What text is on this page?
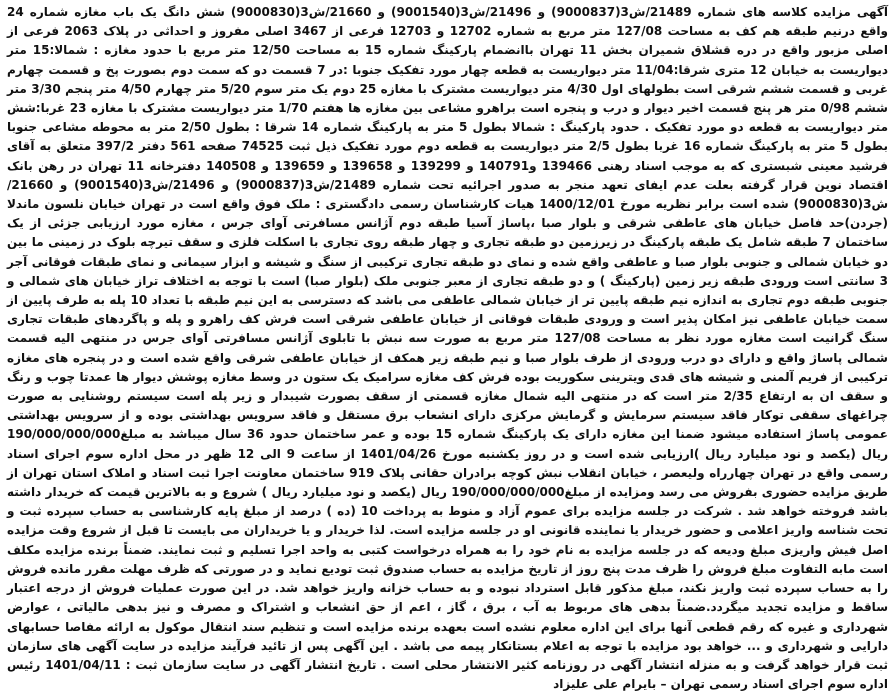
آگهی مزایده کلاسه های شماره 21489/ش3(9000837) و 21496/ش3(9001540) و 21660/ش3(9000830) شش دانگ یک باب مغازه شماره 24 واقع درنیم طبقه هم کف به مساحت 127/08 متر مربع به شماره 12702 و 12703 فرعی از 3467 اصلی مفروز و احداثی در پلاک 2063 فرعی از اصلی مزبور واقع در دره قشلاق شمیران بخش 11 تهران باانضمام پارکینگ شماره 15 به مساحت 12/50 متر مربع با حدود مغازه : شمالا:15 متر دیواریست به خیابان 12 متری شرقا:11/04 متر دیواریست به قطعه چهار مورد تفکیک جنوبا :در 7 قسمت دو که سمت دوم بصورت پخ و قسمت چهارم غربی و قسمت ششم شرقی است بطولهای اول 4/30 متر دیواریست مشترک با مغازه 25 دوم یک متر سوم 5/20 متر چهارم 4/50 متر پنجم 3/30 متر ششم 0/98 متر هر پنج قسمت اخیر دیوار و درب و پنجره است براهرو مشاعی بین مغازه ها هفتم 1/70 متر دیواریست مشترک با مغازه 23 غربا:شش متر دیواریست به قطعه دو مورد تفکیک . حدود پارکینگ : شمالا بطول 5 متر به پارکینگ شماره 14 شرقا : بطول 2/50 متر به محوطه مشاعی جنوبا بطول 5 متر به پارکینگ شماره 16 غربا بطول 2/5 متر دیواریست به قطعه دوم مورد تفکیک ذیل ثبت 74525 صفحه 561 دفتر 397/2 متعلق به آقای فرشید معینی شبستری که به موجب اسناد رهنی 139466 و140791 و 139299 و 139658 و 139659 و 140508 دفترخانه 11 تهران در رهن بانک اقتصاد نوین قرار گرفته بعلت عدم ایفای تعهد منجر به صدور اجرائیه تحت شماره 21489/ش3(9000837) و 21496/ش3(9001540) و 21660/ش3(9000830) شده است برابر نظریه مورخ 1400/12/01 هیات کارشناسان رسمی دادگستری : ملک فوق واقع است در تهران خیابان نلسون ماندلا (جردن)حد فاصل خیابان های عاطفی شرقی و بلوار صبا ،پاساژ آسیا طبقه دوم آژانس مسافرتی آوای جرس ، مغازه مورد ارزیابی جزئی از یک ساختمان 7 طبقه شامل یک طبقه پارکینگ در زیرزمین دو طبقه تجاری و چهار طبقه روی تجاری با اسکلت فلزی و سقف تیرچه بلوک در زمینی ما بین دو خیابان شمالی و جنوبی بلوار صبا و عاطفی واقع شده و نمای دو طبقه تجاری ترکیبی از سنگ و شیشه و ابزار سیمانی و نمای طبقات فوقانی آجر 3 سانتی است ورودی طبقه زیر زمین (پارکینگ ) و دو طبقه تجاری از معبر جنوبی ملک (بلوار صبا) است با توجه به اختلاف تراز خیابان های شمالی و جنوبی طبقه دوم تجاری به اندازه نیم طبقه پایین تر از خیابان شمالی عاطفی می باشد که دسترسی به این نیم طبقه با تعداد 10 پله به طرف پایین از سمت خیابان عاطفی نیز امکان پذیر است و ورودی طبقات فوقانی از خیابان عاطفی شرقی است فرش کف راهرو و پله و پاگردهای طبقات تجاری سنگ گرانیت است مغازه مورد نظر به مساحت 127/08 متر مربع به صورت سه نبش با تابلوی آژانس مسافرتی آوای جرس در منتهی الیه قسمت شمالی پاساژ واقع و دارای دو درب ورودی از طرف بلوار صبا و نیم طبقه زیر همکف از خیابان عاطفی شرقی واقع شده است و در پنجره های مغازه ترکیبی از فریم آلمنی و شیشه های قدی ویترینی سکوریت بوده فرش کف مغازه سرامیک یک ستون در وسط مغازه پوشش دیوار ها عمدتا چوب و رنگ و سقف ان به ارتفاع 2/35 متر است که در منتهی الیه شمال مغازه قسمتی از سقف بصورت شیبدار و زیر پله است سیستم روشنایی به صورت چراغهای سقفی توکار فاقد سیستم سرمایش و گرمایش مرکزی دارای انشعاب برق مستقل و فاقد سرویس بهداشتی بوده و از سرویس بهداشتی عمومی پاساژ استفاده میشود ضمنا این مغازه دارای یک پارکینگ شماره 15 بوده و عمر ساختمان حدود 36 سال میباشد به مبلغ190/000/000/000 ریال (یکصد و نود میلیارد ریال )ارزیابی شده است و در روز یکشنبه مورخ 1401/04/26 از ساعت 9 الی 12 ظهر در محل اداره سوم اجرای اسناد رسمی واقع در تهران چهارراه ولیعصر ، خیابان انقلاب نبش کوچه برادران حقانی پلاک 919 ساختمان معاونت اجرا ثبت اسناد و املاک استان تهران از طریق مزایده حضوری بفروش می رسد ومزایده از مبلغ190/000/000/000 ریال (یکصد و نود میلیارد ریال ) شروع و به بالاترین قیمت که خریدار داشته باشد فروخته خواهد شد . شرکت در جلسه مزایده برای عموم آزاد و منوط به پرداخت 10 (ده ) درصد از مبلغ پایه کارشناسی به حساب سپرده ثبت و تحت شناسه واریز اعلامی و حضور خریدار یا نماینده قانونی او در جلسه مزایده است. لذا خریدار و یا خریداران می بایست تا قبل از شروع وقت مزایده اصل فیش واریزی مبلغ ودیعه که در جلسه مزایده به نام خود را به همراه درخواست کتبی به واحد اجرا تسلیم و ثبت نمایند. ضمناً برنده مزایده مکلف است مابه التفاوت مبلغ فروش را ظرف مدت پنج روز از تاریخ مزایده به حساب صندوق ثبت تودیع نماید و در صورتی که ظرف مهلت مقرر مانده فروش را به حساب سپرده ثبت واریز نکند، مبلغ مذکور قابل استرداد نبوده و به حساب خزانه واریز خواهد شد. در این صورت عملیات فروش از درجه اعتبار ساقط و مزایده تجدید میگردد.ضمناً بدهی های مربوط به آب ، برق ، گاز ، اعم از حق انشعاب و اشتراک و مصرف و نیز بدهی مالیاتی ، عوارض شهرداری و غیره که رقم قطعی آنها برای این اداره معلوم نشده است بعهده برنده مزایده است و تنظیم سند انتقال موکول به ارائه مفاصا حسابهای دارایی و شهرداری و ... خواهد بود مزایده با توجه به اعلام بستانکار پیمه می باشد . این آگهی پس از تائید فرآیند مزایده در سایت آگهی های سازمان ثبت قرار خواهد گرفت و به منزله انتشار آگهی در روزنامه کثیر الانتشار محلی است . تاریخ انتشار آگهی در سایت سازمان ثبت : 1401/04/11 رئیس اداره سوم اجرای اسناد رسمی تهران – بایرام علی علیزاد
